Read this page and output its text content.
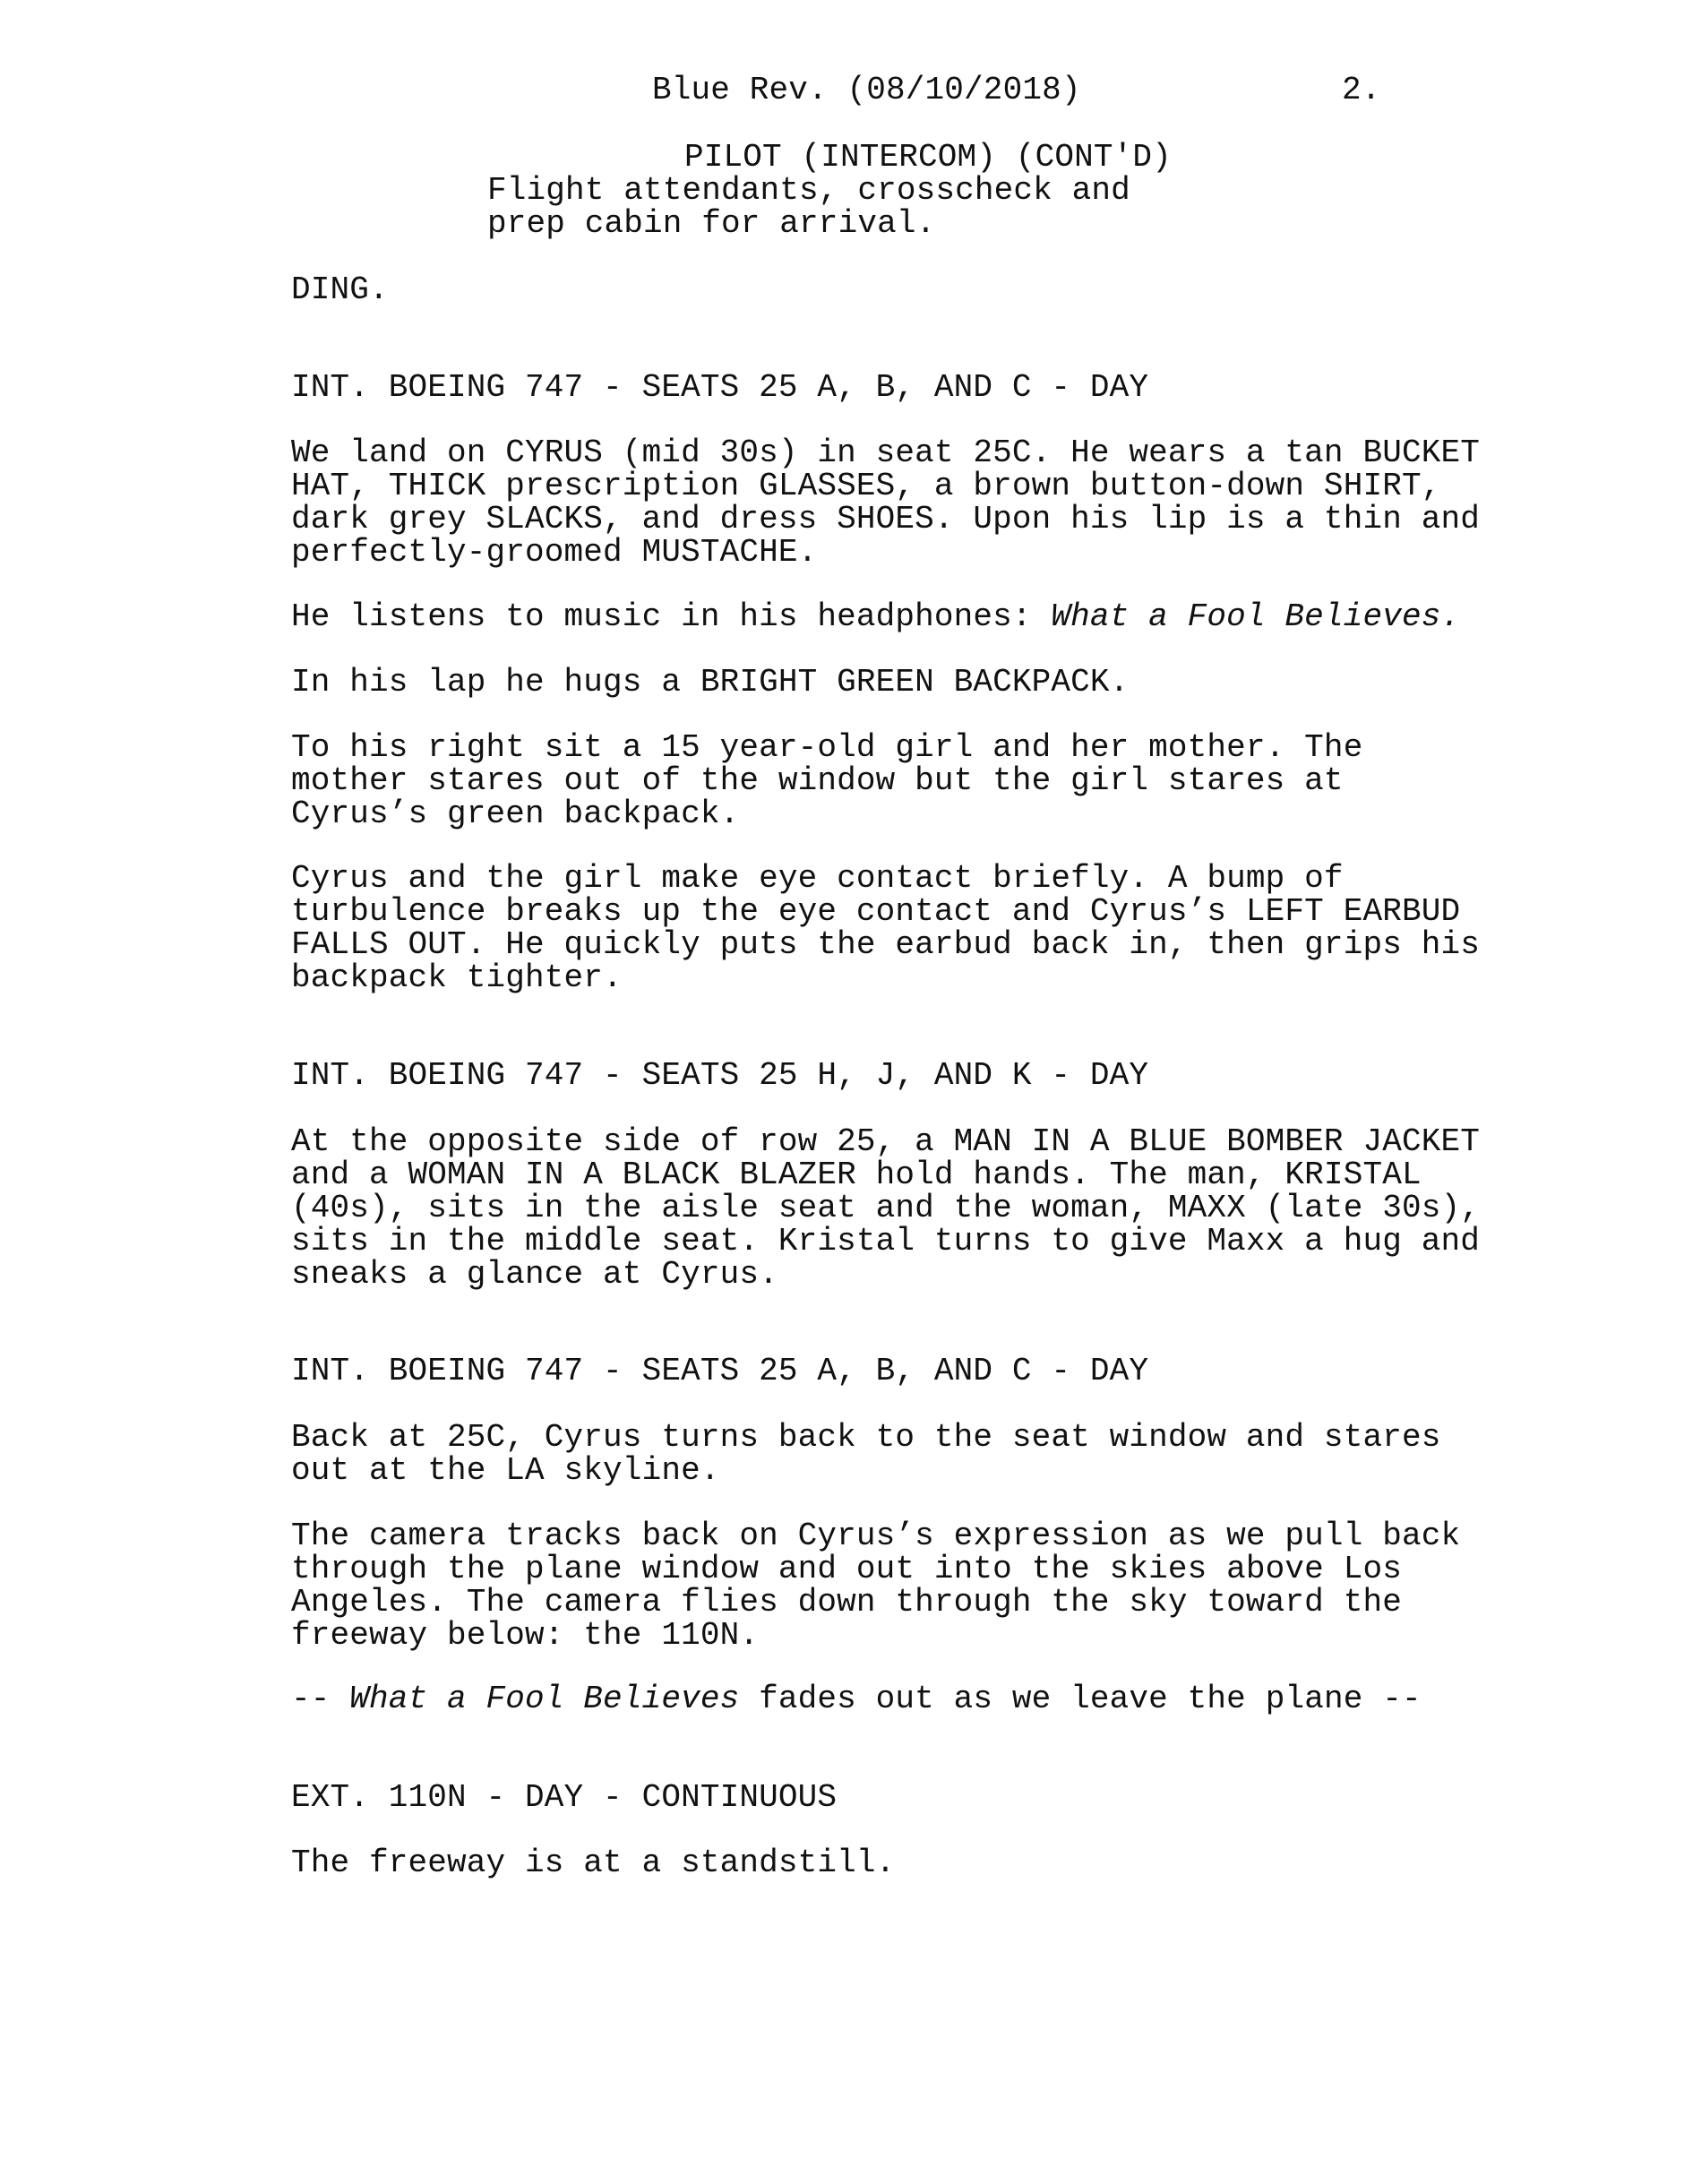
Blue Rev. (08/10/2018)	2.
PILOT (INTERCOM) (CONT'D)
Flight attendants, crosscheck and
prep cabin for arrival.
DING.
INT. BOEING 747 - SEATS 25 A, B, AND C - DAY
We land on CYRUS (mid 30s) in seat 25C. He wears a tan BUCKET
HAT, THICK prescription GLASSES, a brown button-down SHIRT,
dark grey SLACKS, and dress SHOES. Upon his lip is a thin and
perfectly-groomed MUSTACHE.
He listens to music in his headphones: What a Fool Believes.
In his lap he hugs a BRIGHT GREEN BACKPACK.
To his right sit a 15 year-old girl and her mother. The
mother stares out of the window but the girl stares at
Cyrus’s green backpack.
Cyrus and the girl make eye contact briefly. A bump of
turbulence breaks up the eye contact and Cyrus’s LEFT EARBUD
FALLS OUT. He quickly puts the earbud back in, then grips his
backpack tighter.
INT. BOEING 747 - SEATS 25 H, J, AND K - DAY
At the opposite side of row 25, a MAN IN A BLUE BOMBER JACKET
and a WOMAN IN A BLACK BLAZER hold hands. The man, KRISTAL
(40s), sits in the aisle seat and the woman, MAXX (late 30s),
sits in the middle seat. Kristal turns to give Maxx a hug and
sneaks a glance at Cyrus.
INT. BOEING 747 - SEATS 25 A, B, AND C - DAY
Back at 25C, Cyrus turns back to the seat window and stares
out at the LA skyline.
The camera tracks back on Cyrus’s expression as we pull back
through the plane window and out into the skies above Los
Angeles. The camera flies down through the sky toward the
freeway below: the 110N.
-- What a Fool Believes fades out as we leave the plane --
EXT. 110N - DAY - CONTINUOUS
The freeway is at a standstill.
